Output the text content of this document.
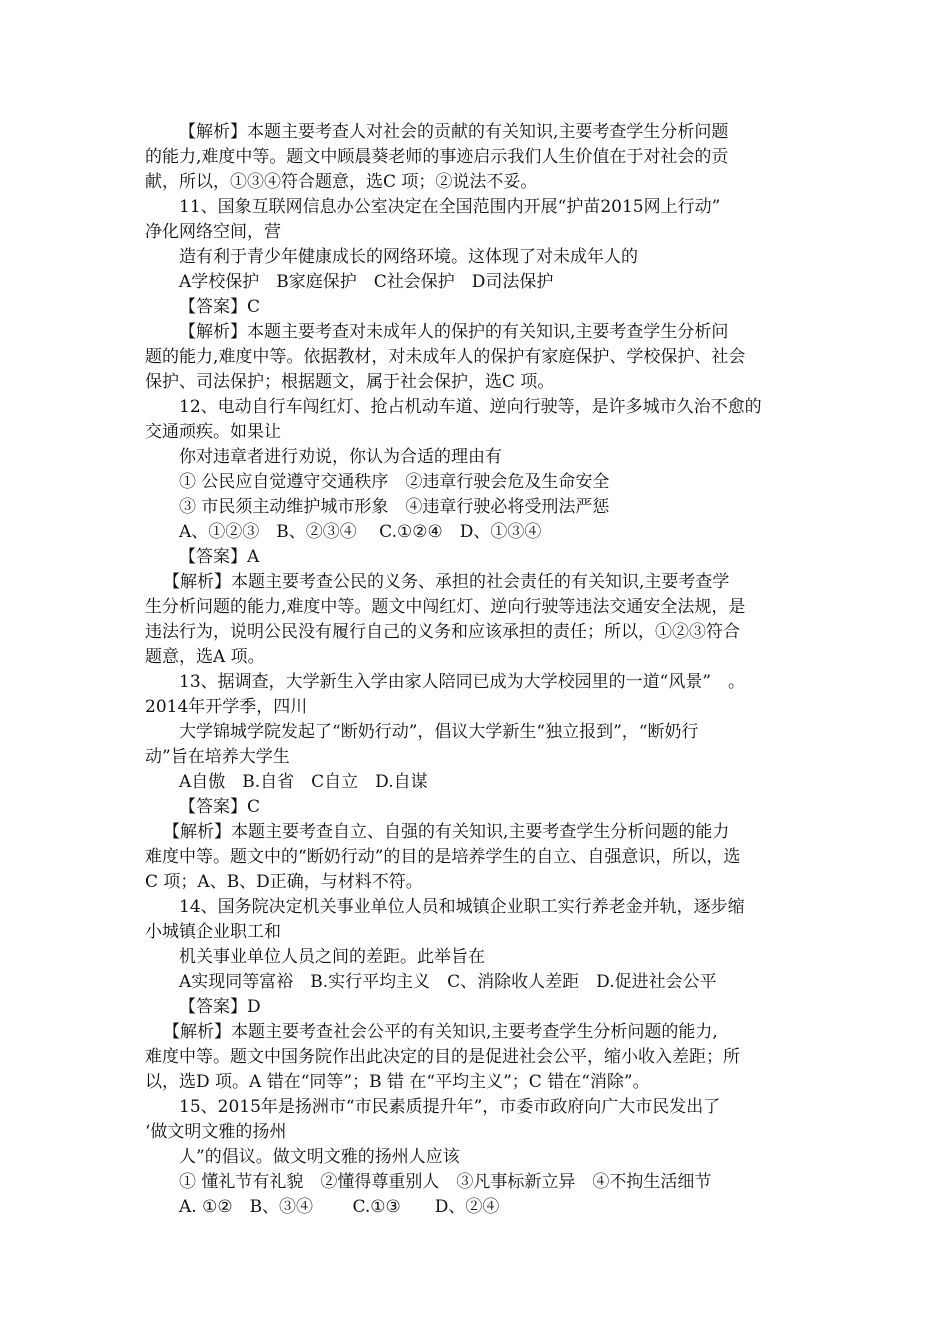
【解析】本题主要考查人对社会的贡献的有关知识,主要考查学生分析问题
的能力,难度中等。题文中顾晨葵老师的事迹启示我们人生价值在于对社会的贡
献，所以，①③④符合题意，选C 项；②说法不妥。
11、国象互联网信息办公室决定在全国范围内开展“护苗2015网上行动”
净化网络空间，营
造有利于青少年健康成长的网络环境。这体现了对未成年人的
A学校保护　B家庭保护　C社会保护　D司法保护
【答案】C
【解析】本题主要考查对未成年人的保护的有关知识,主要考查学生分析问
题的能力,难度中等。依据教材，对未成年人的保护有家庭保护、学校保护、社会
保护、司法保护；根据题文，属于社会保护，选C 项。
12、电动自行车闯红灯、抢占机动车道、逆向行驶等，是许多城市久治不愈的
交通顽疾。如果让
你对违章者进行劝说，你认为合适的理由有
① 公民应自觉遵守交通秩序　②违章行驶会危及生命安全
③ 市民须主动维护城市形象　④违章行驶必将受刑法严惩
A、①②③　B、②③④　 C.①②④　D、①③④
【答案】A
【解析】本题主要考查公民的义务、承担的社会责任的有关知识,主要考查学
生分析问题的能力,难度中等。题文中闯红灯、逆向行驶等违法交通安全法规，是
违法行为，说明公民没有履行自己的义务和应该承担的责任；所以，①②③符合
题意，选A 项。
13、据调查，大学新生入学由家人陪同已成为大学校园里的一道“风景”　。
2014年开学季，四川
大学锦城学院发起了“断奶行动”，倡议大学新生“独立报到”，“断奶行
动”旨在培养大学生
A自傲　B.自省　C自立　D.自谋
【答案】C
【解析】本题主要考查自立、自强的有关知识,主要考查学生分析问题的能力
难度中等。题文中的“断奶行动”的目的是培养学生的自立、自强意识，所以，选
C 项；A、B、D正确，与材料不符。
14、国务院决定机关事业单位人员和城镇企业职工实行养老金并轨，逐步缩
小城镇企业职工和
机关事业单位人员之间的差距。此举旨在
A实现同等富裕　B.实行平均主义　C、消除收人差距　D.促进社会公平
【答案】D
【解析】本题主要考查社会公平的有关知识,主要考查学生分析问题的能力,
难度中等。题文中国务院作出此决定的目的是促进社会公平，缩小收入差距；所
以，选D 项。A 错在“同等”；B 错 在“平均主义”；C 错在“消除”。
15、2015年是扬洲市“市民素质提升年”，市委市政府向广大市民发出了
‘做文明文雅的扬州
人”的倡议。做文明文雅的扬州人应该
① 懂礼节有礼貌　②懂得尊重别人　③凡事标新立异　④不拘生活细节
A. ①②　B、③④　　 C.①③　　D、②④
